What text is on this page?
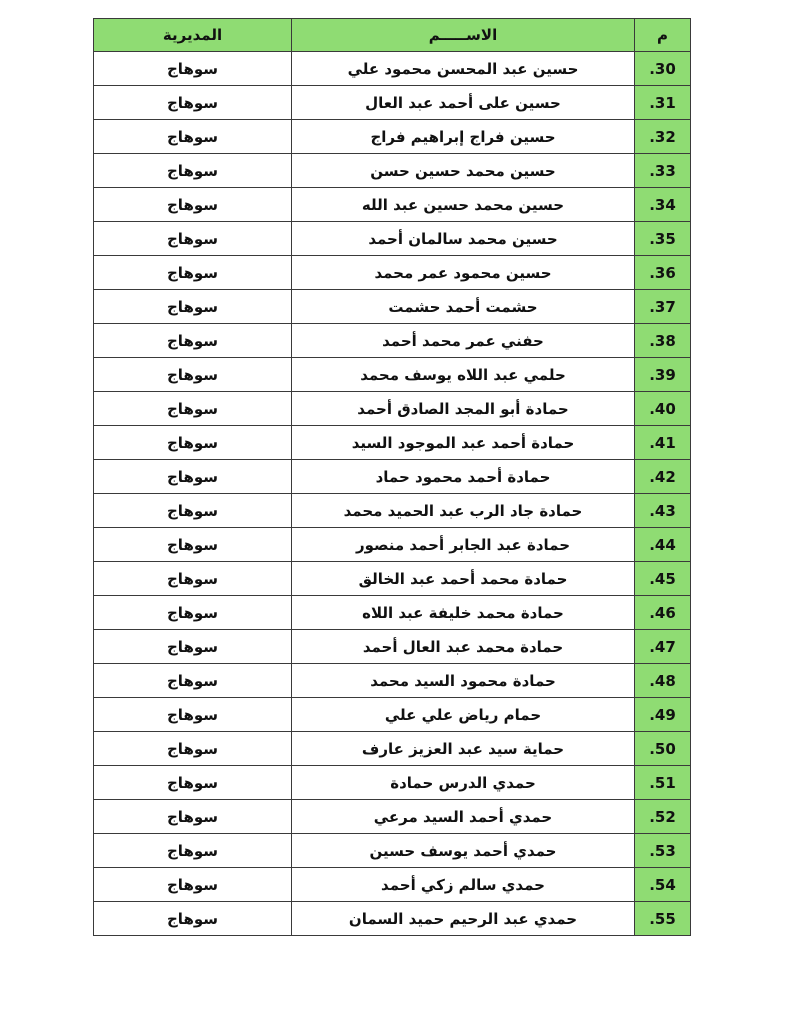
المديرية	الاســـــم	م
سوهاج	حسين عبد المحسن محمود علي	.30
سوهاج	حسين على أحمد عبد العال	.31
سوهاج	حسين فراج إبراهيم فراج	.32
سوهاج	حسين محمد حسين حسن	.33
سوهاج	حسين محمد حسين عبد الله	.34
سوهاج	حسين محمد سالمان أحمد	.35
سوهاج	حسين محمود عمر محمد	.36
سوهاج	حشمت أحمد حشمت	.37
سوهاج	حفني عمر محمد أحمد	.38
سوهاج	حلمي عبد اللاه يوسف محمد	.39
سوهاج	حمادة أبو المجد الصادق أحمد	.40
سوهاج	حمادة أحمد عبد الموجود السيد	.41
سوهاج	حمادة أحمد محمود حماد	.42
سوهاج	حمادة جاد الرب عبد الحميد محمد	.43
سوهاج	حمادة عبد الجابر أحمد منصور	.44
سوهاج	حمادة محمد أحمد عبد الخالق	.45
سوهاج	حمادة محمد خليفة عبد اللاه	.46
سوهاج	حمادة محمد عبد العال أحمد	.47
سوهاج	حمادة محمود السيد محمد	.48
سوهاج	حمام رياض علي علي	.49
سوهاج	حماية سيد عبد العزيز عارف	.50
سوهاج	حمدي الدرس حمادة	.51
سوهاج	حمدي أحمد السيد مرعي	.52
سوهاج	حمدي أحمد يوسف حسين	.53
سوهاج	حمدي سالم زكي أحمد	.54
سوهاج	حمدي عبد الرحيم حميد السمان	.55
